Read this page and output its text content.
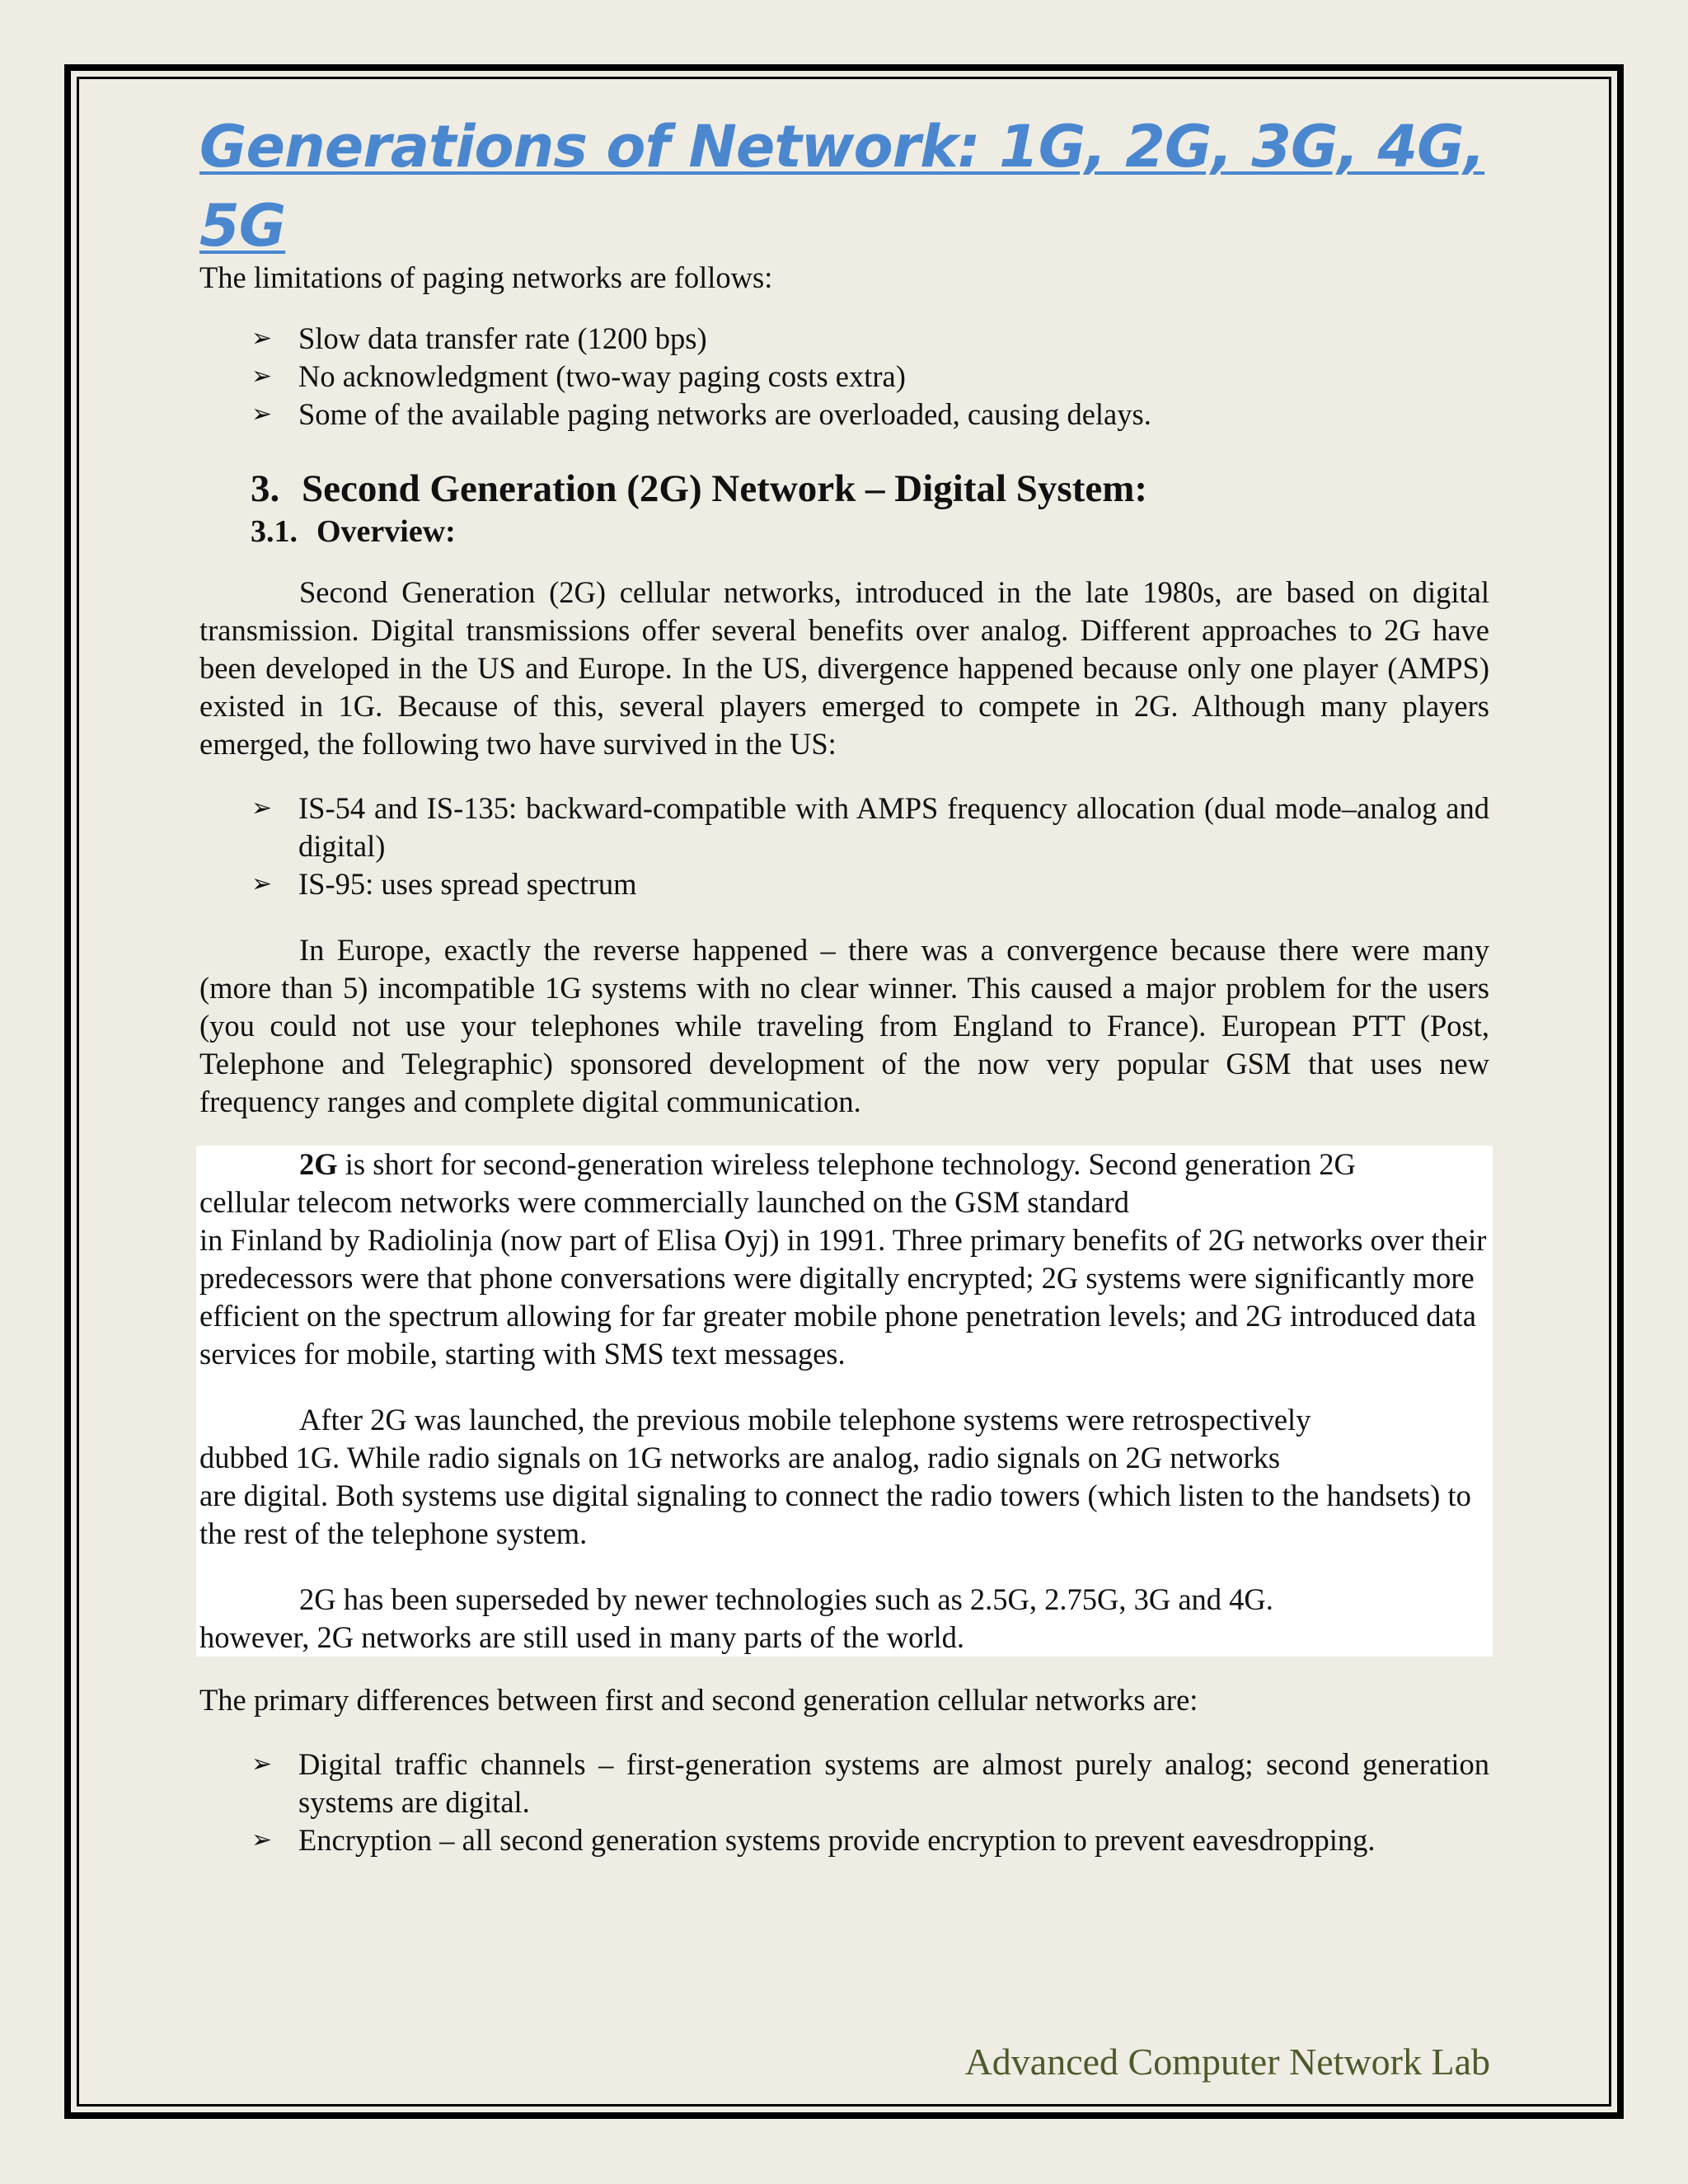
Generations of Network: 1G, 2G, 3G, 4G, 5G

The limitations of paging networks are follows:

➢ Slow data transfer rate (1200 bps)
➢ No acknowledgment (two-way paging costs extra)
➢ Some of the available paging networks are overloaded, causing delays.
3. Second Generation (2G) Network – Digital System:
3.1. Overview:

Second Generation (2G) cellular networks, introduced in the late 1980s, are based on digital transmission. Digital transmissions offer several benefits over analog. Different approaches to 2G have been developed in the US and Europe. In the US, divergence happened because only one player (AMPS) existed in 1G. Because of this, several players emerged to compete in 2G. Although many players emerged, the following two have survived in the US:

➢ IS-54 and IS-135: backward-compatible with AMPS frequency allocation (dual mode–analog and digital)
➢ IS-95: uses spread spectrum

In Europe, exactly the reverse happened – there was a convergence because there were many (more than 5) incompatible 1G systems with no clear winner. This caused a major problem for the users (you could not use your telephones while traveling from England to France). European PTT (Post, Telephone and Telegraphic) sponsored development of the now very popular GSM that uses new frequency ranges and complete digital communication.

2G is short for second-generation wireless telephone technology. Second generation 2G
cellular telecom networks were commercially launched on the GSM standard
in Finland by Radiolinja (now part of Elisa Oyj) in 1991. Three primary benefits of 2G networks over their predecessors were that phone conversations were digitally encrypted; 2G systems were significantly more efficient on the spectrum allowing for far greater mobile phone penetration levels; and 2G introduced data services for mobile, starting with SMS text messages.

After 2G was launched, the previous mobile telephone systems were retrospectively
dubbed 1G. While radio signals on 1G networks are analog, radio signals on 2G networks
are digital. Both systems use digital signaling to connect the radio towers (which listen to the handsets) to the rest of the telephone system.

2G has been superseded by newer technologies such as 2.5G, 2.75G, 3G and 4G.
however, 2G networks are still used in many parts of the world.

The primary differences between first and second generation cellular networks are:

➢ Digital traffic channels – first-generation systems are almost purely analog; second generation systems are digital.
➢ Encryption – all second generation systems provide encryption to prevent eavesdropping.
Advanced Computer Network Lab
